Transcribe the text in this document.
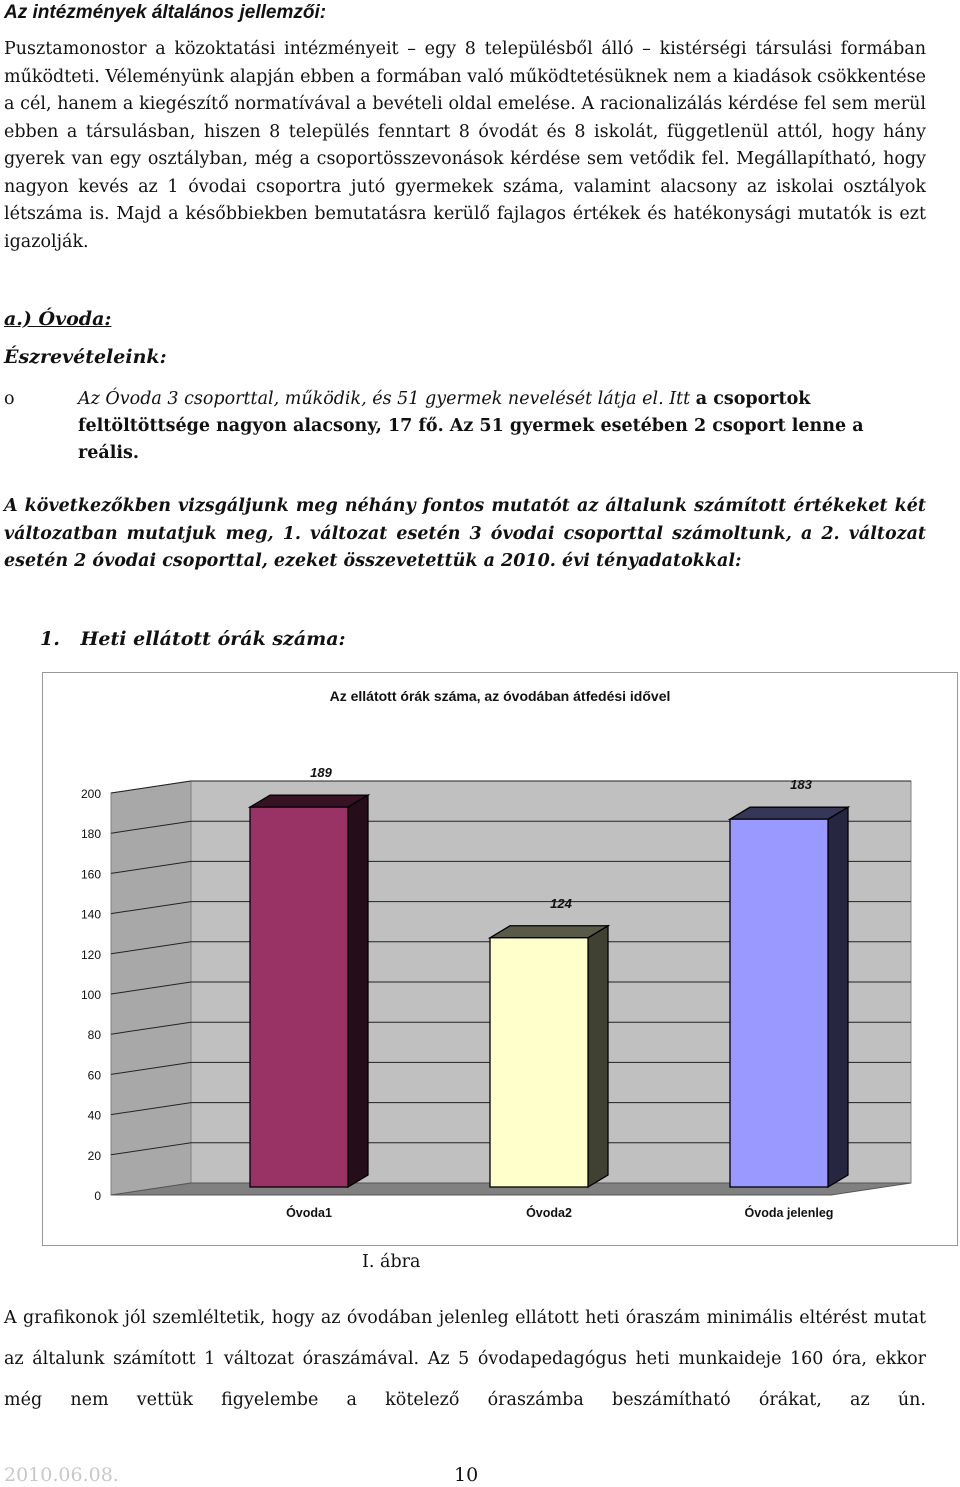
Az intézmények általános jellemzői:
Pusztamonostor a közoktatási intézményeit – egy 8 településből álló – kistérségi társulási formában működteti. Véleményünk alapján ebben a formában való működtetésüknek nem a kiadások csökkentése a cél, hanem a kiegészítő normatívával a bevételi oldal emelése. A racionalizálás kérdése fel sem merül ebben a társulásban, hiszen 8 település fenntart 8 óvodát és 8 iskolát, függetlenül attól, hogy hány gyerek van egy osztályban, még a csoportösszevonások kérdése sem vetődik fel. Megállapítható, hogy nagyon kevés az 1 óvodai csoportra jutó gyermekek száma, valamint alacsony az iskolai osztályok létszáma is. Majd a későbbiekben bemutatásra kerülő fajlagos értékek és hatékonysági mutatók is ezt igazolják.
a.) Óvoda:
Észrevételeink:
o	Az Óvoda 3 csoporttal, működik, és 51 gyermek nevelését látja el. Itt a csoportok feltöltöttsége nagyon alacsony, 17 fő. Az 51 gyermek esetében 2 csoport lenne a reális.
A következőkben vizsgáljunk meg néhány fontos mutatót az általunk számított értékeket két változatban mutatjuk meg, 1. változat esetén 3 óvodai csoporttal számoltunk, a 2. változat esetén 2 óvodai csoporttal, ezeket összevetettük a 2010. évi tényadatokkal:
1. Heti ellátott órák száma:
Az ellátott órák száma, az óvodában átfedési idővel
0
20
40
60
80
100
120
140
160
180
200
189
124
183
Óvoda1	Óvoda2	Óvoda jelenleg
I. ábra
A grafikonok jól szemléltetik, hogy az óvodában jelenleg ellátott heti óraszám minimális eltérést mutat az általunk számított 1 változat óraszámával. Az 5 óvodapedagógus heti munkaideje 160 óra, ekkor még nem vettük figyelembe a kötelező óraszámba beszámítható órákat, az ún.
2010.06.08.	10
